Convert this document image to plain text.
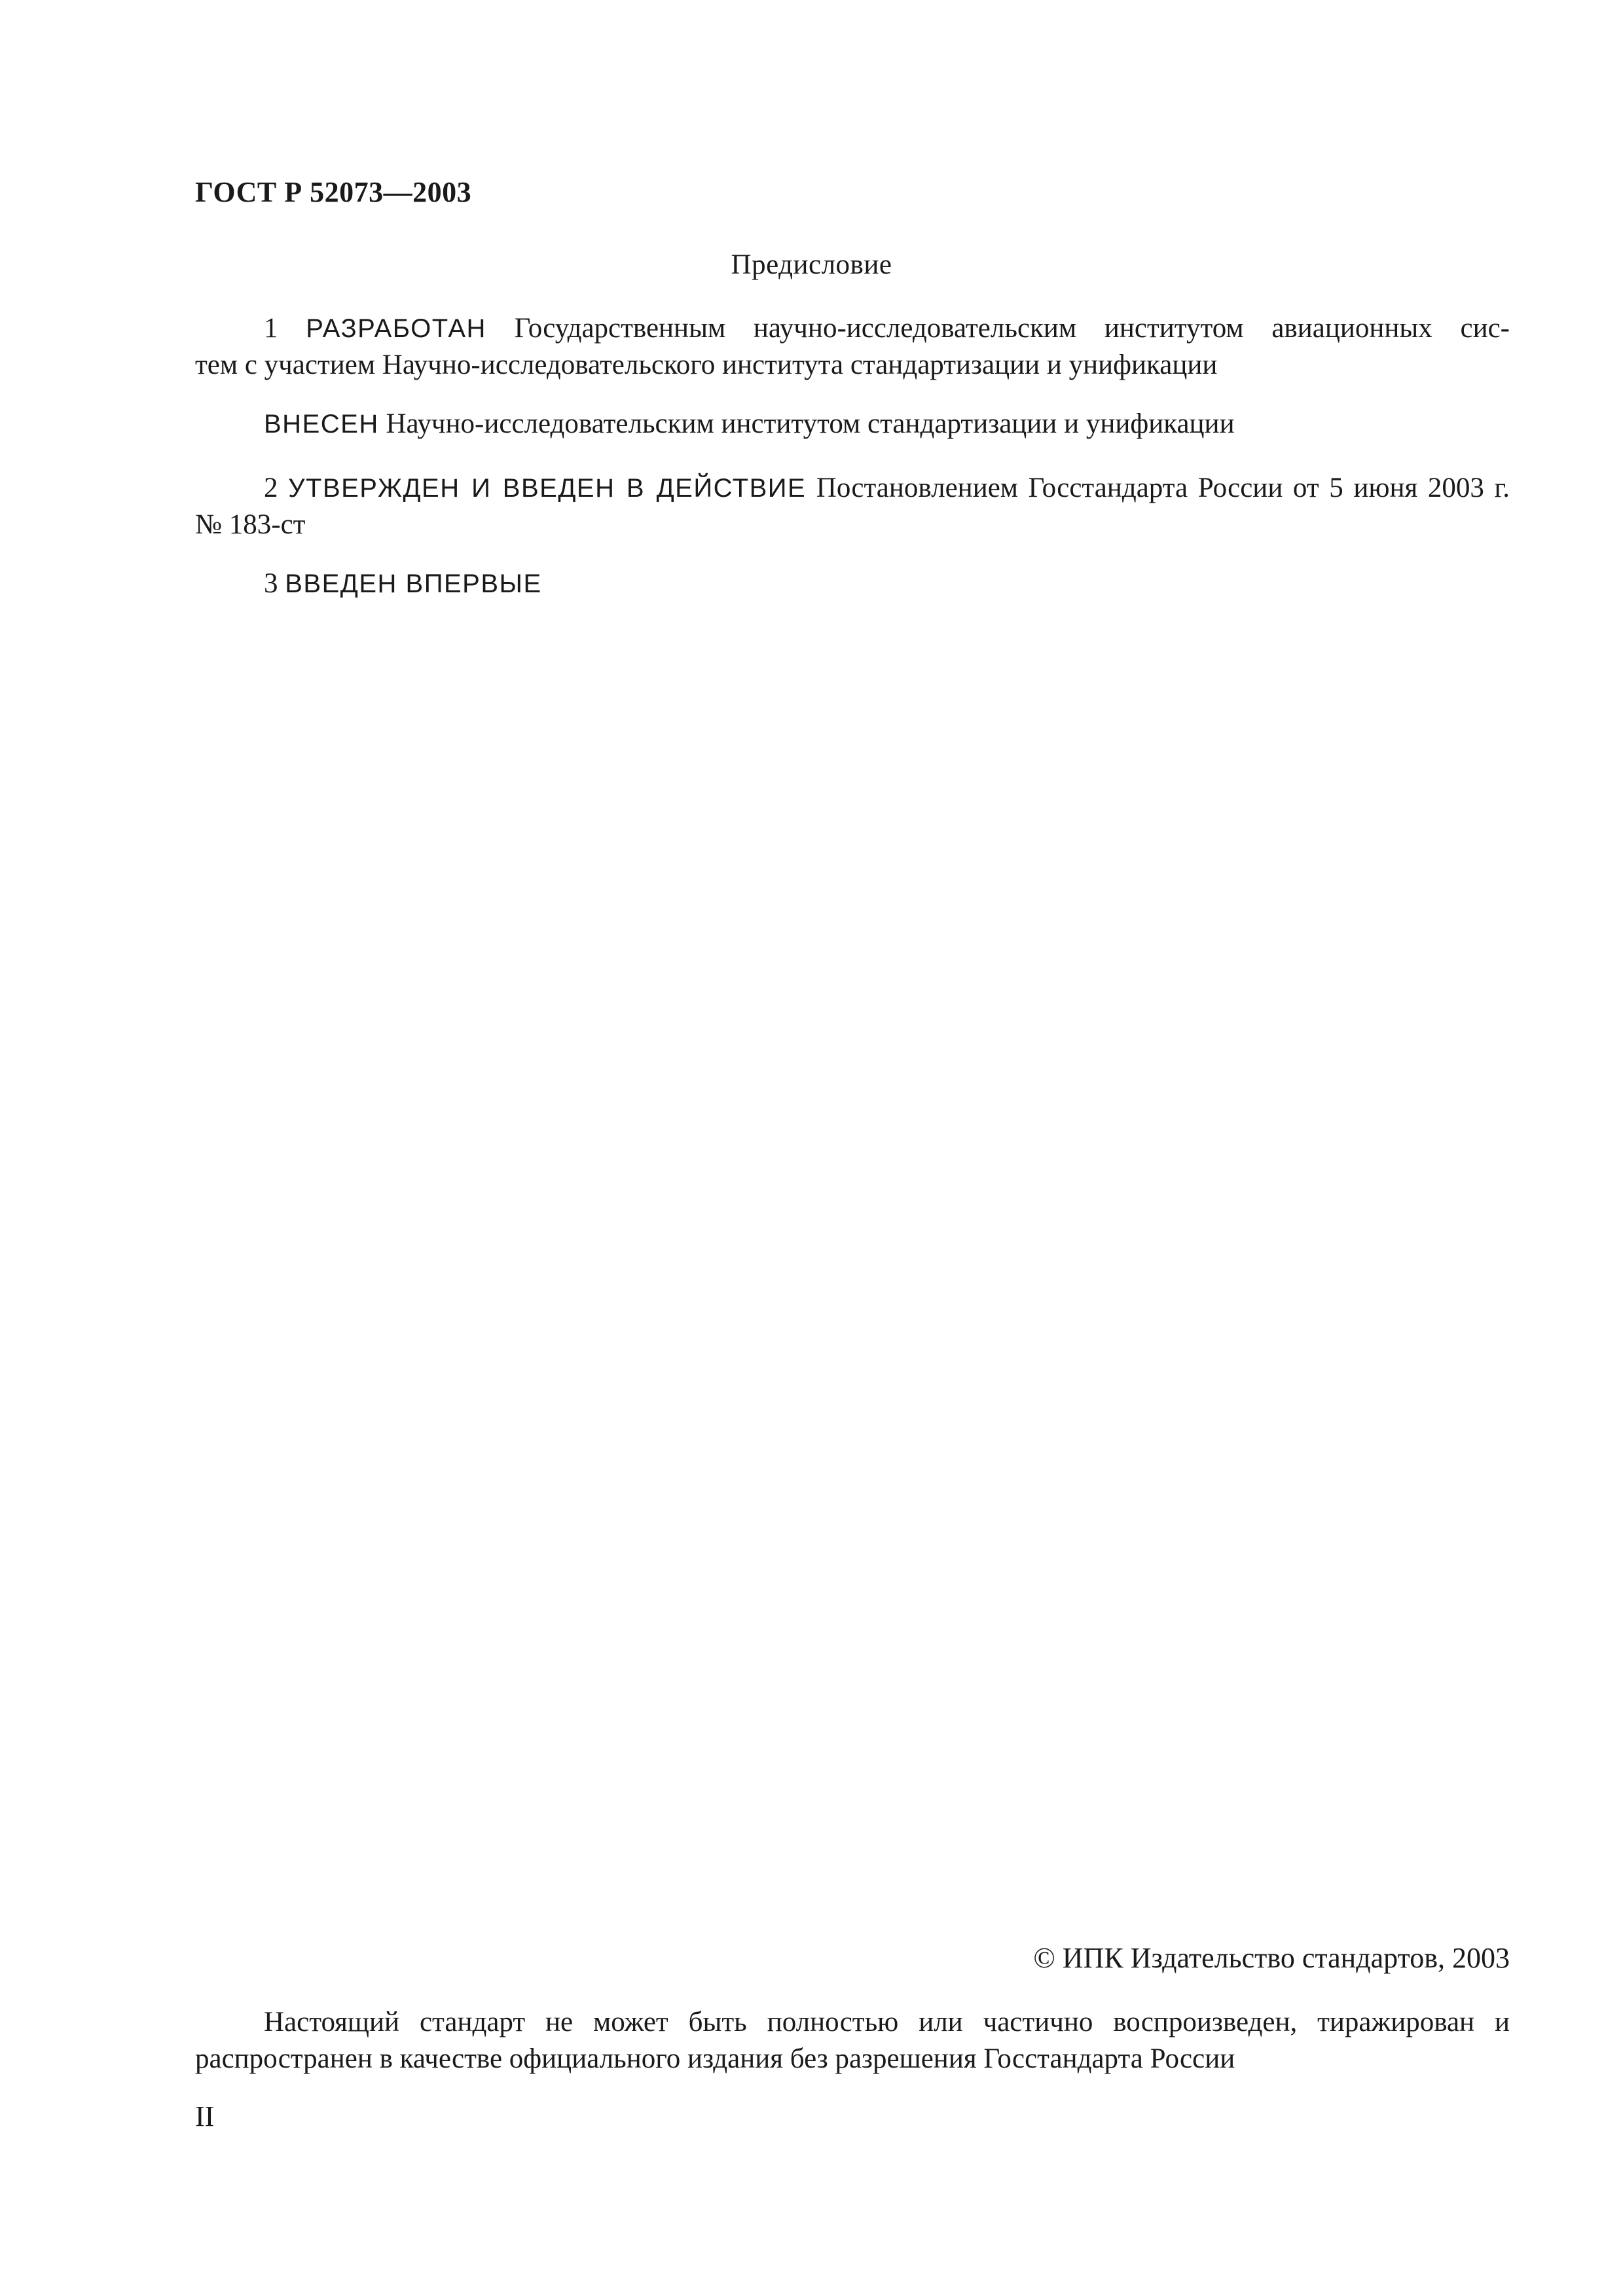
ГОСТ Р 52073—2003
Предисловие
1 РАЗРАБОТАН Государственным научно-исследовательским институтом авиационных сис-
тем с участием Научно-исследовательского института стандартизации и унификации
ВНЕСЕН Научно-исследовательским институтом стандартизации и унификации
2 УТВЕРЖДЕН И ВВЕДЕН В ДЕЙСТВИЕ Постановлением Госстандарта России от 5 июня 2003 г.
№ 183-ст
3 ВВЕДЕН ВПЕРВЫЕ
© ИПК Издательство стандартов, 2003
Настоящий стандарт не может быть полностью или частично воспроизведен, тиражирован и
распространен в качестве официального издания без разрешения Госстандарта России
II
